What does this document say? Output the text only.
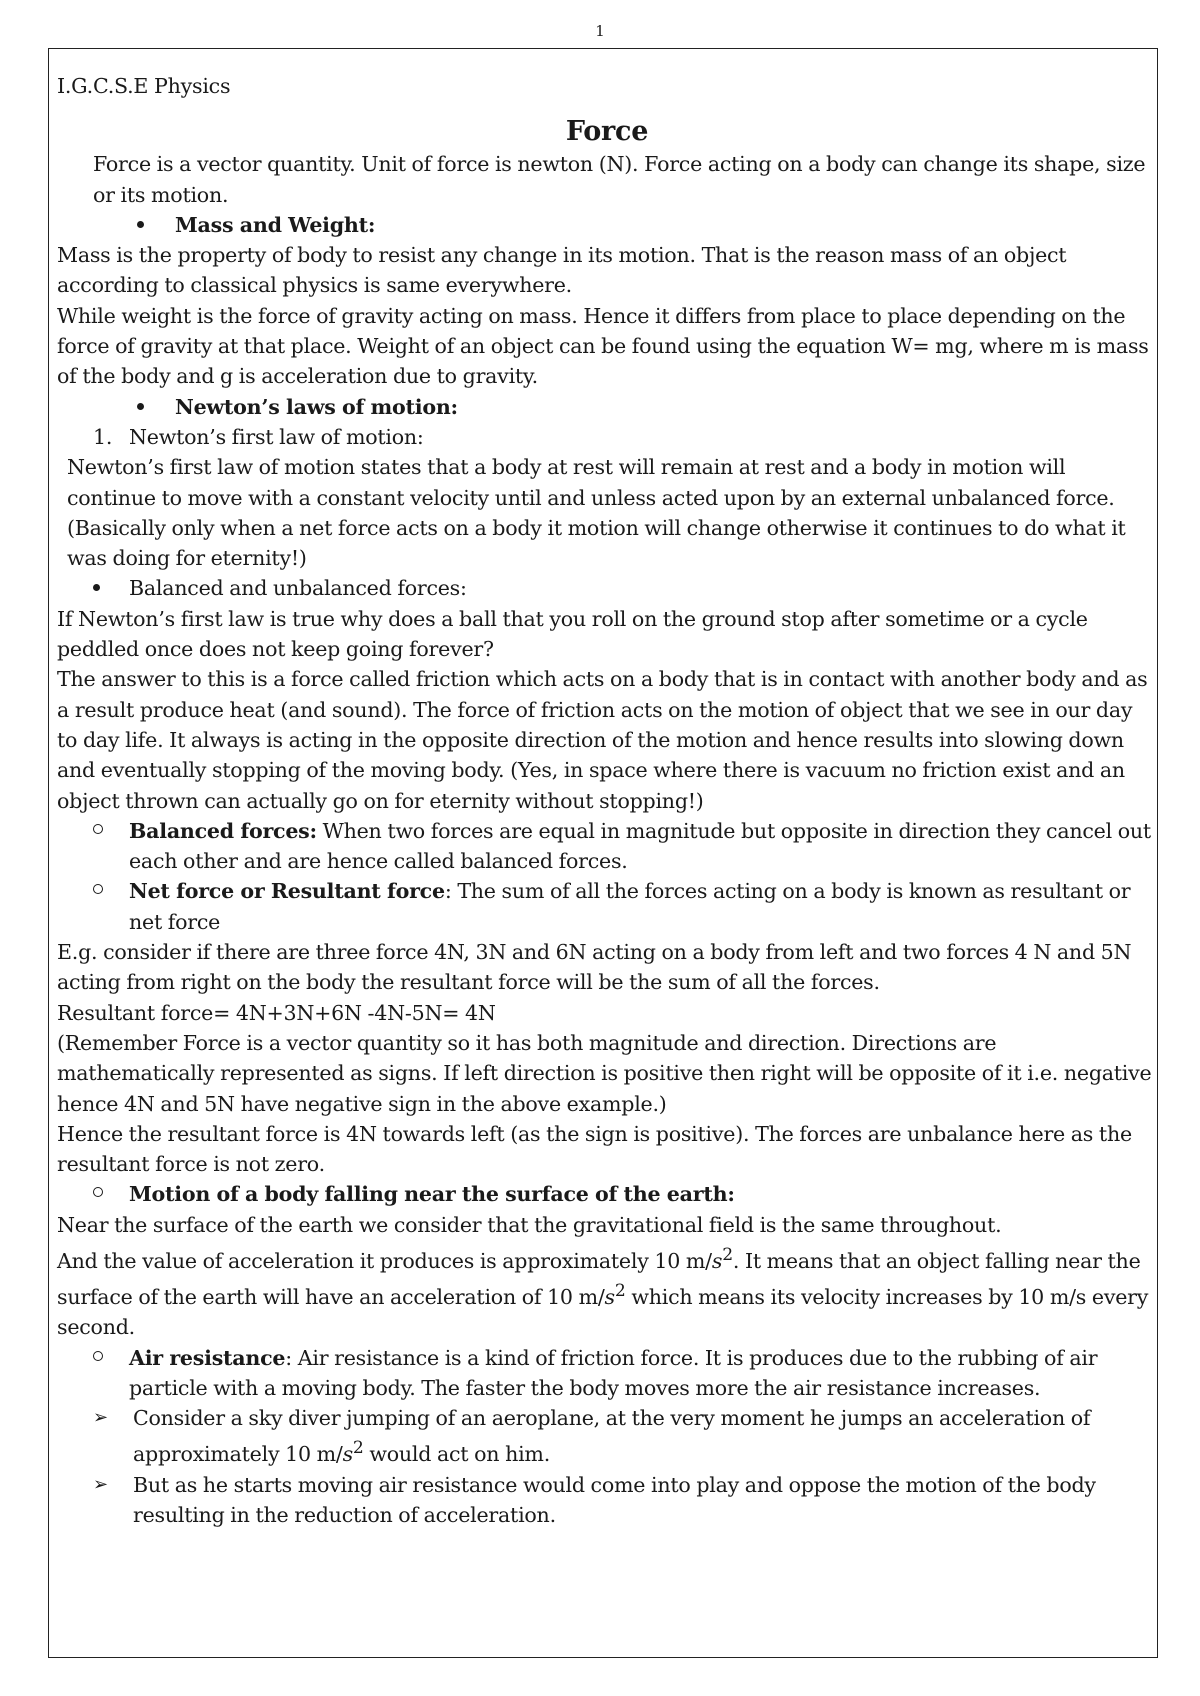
1

I.G.C.S.E Physics

Force

Force is a vector quantity. Unit of force is newton (N). Force acting on a body can change its shape, size or its motion.

Mass and Weight:

Mass is the property of body to resist any change in its motion. That is the reason mass of an object according to classical physics is same everywhere.

While weight is the force of gravity acting on mass. Hence it differs from place to place depending on the force of gravity at that place. Weight of an object can be found using the equation W= mg, where m is mass of the body and g is acceleration due to gravity.

Newton’s laws of motion:
1. Newton’s first law of motion:

Newton’s first law of motion states that a body at rest will remain at rest and a body in motion will continue to move with a constant velocity until and unless acted upon by an external unbalanced force.

(Basically only when a net force acts on a body it motion will change otherwise it continues to do what it was doing for eternity!)

Balanced and unbalanced forces:

If Newton’s first law is true why does a ball that you roll on the ground stop after sometime or a cycle peddled once does not keep going forever?

The answer to this is a force called friction which acts on a body that is in contact with another body and as a result produce heat (and sound). The force of friction acts on the motion of object that we see in our day to day life. It always is acting in the opposite direction of the motion and hence results into slowing down and eventually stopping of the moving body. (Yes, in space where there is vacuum no friction exist and an object thrown can actually go on for eternity without stopping!)

Balanced forces: When two forces are equal in magnitude but opposite in direction they cancel out each other and are hence called balanced forces.
Net force or Resultant force: The sum of all the forces acting on a body is known as resultant or net force

E.g. consider if there are three force 4N, 3N and 6N acting on a body from left and two forces 4 N and 5N acting from right on the body the resultant force will be the sum of all the forces.

Resultant force= 4N+3N+6N -4N-5N= 4N

(Remember Force is a vector quantity so it has both magnitude and direction. Directions are mathematically represented as signs. If left direction is positive then right will be opposite of it i.e. negative hence 4N and 5N have negative sign in the above example.)

Hence the resultant force is 4N towards left (as the sign is positive). The forces are unbalance here as the resultant force is not zero.

Motion of a body falling near the surface of the earth:

Near the surface of the earth we consider that the gravitational field is the same throughout.

And the value of acceleration it produces is approximately 10 $m/s^2$. It means that an object falling near the surface of the earth will have an acceleration of 10 $m/s^2$ which means its velocity increases by 10 m/s every second.

Air resistance: Air resistance is a kind of friction force. It is produces due to the rubbing of air particle with a moving body. The faster the body moves more the air resistance increases.
➢	Consider a sky diver jumping of an aeroplane, at the very moment he jumps an acceleration of approximately 10 $m/s^2$ would act on him.
➢	But as he starts moving air resistance would come into play and oppose the motion of the body resulting in the reduction of acceleration.
